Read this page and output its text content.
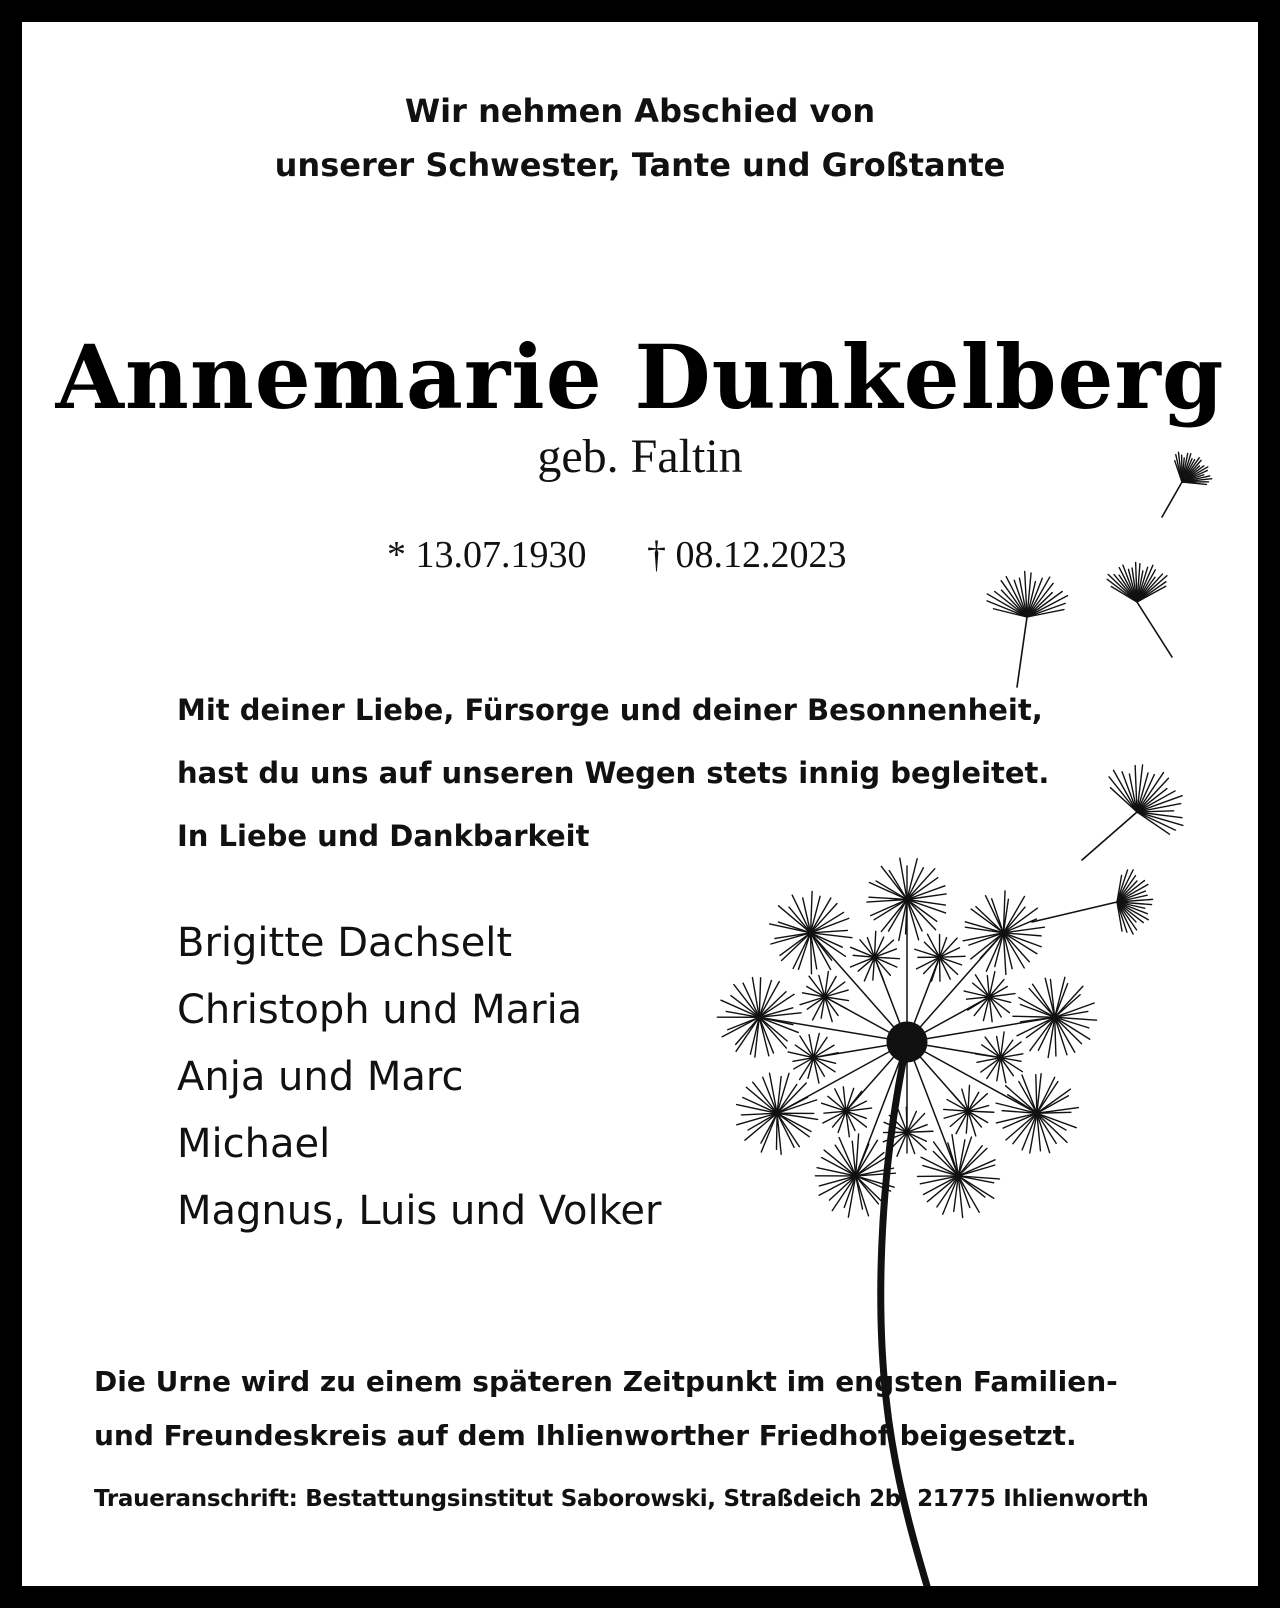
Wir nehmen Abschied von
unserer Schwester, Tante und Großtante
Annemarie Dunkelberg
geb. Faltin
* 13.07.1930 † 08.12.2023
Mit deiner Liebe, Fürsorge und deiner Besonnenheit,
hast du uns auf unseren Wegen stets innig begleitet.
In Liebe und Dankbarkeit
Brigitte Dachselt
Christoph und Maria
Anja und Marc
Michael
Magnus, Luis und Volker
Die Urne wird zu einem späteren Zeitpunkt im engsten Familien-
und Freundeskreis auf dem Ihlienworther Friedhof beigesetzt.
Traueranschrift: Bestattungsinstitut Saborowski, Straßdeich 2b, 21775 Ihlienworth
